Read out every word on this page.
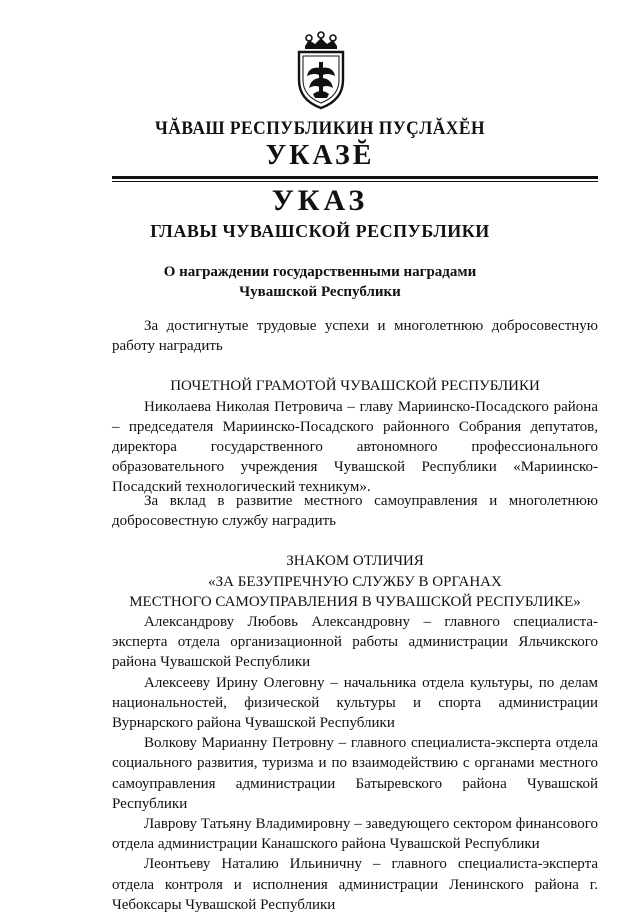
ЧĂВАШ РЕСПУБЛИКИН ПУÇЛĂХĔН
УКАЗĔ
УКАЗ
ГЛАВЫ ЧУВАШСКОЙ РЕСПУБЛИКИ
О награждении государственными наградами
Чувашской Республики

За достигнутые трудовые успехи и многолетнюю добросовестную работу наградить

ПОЧЕТНОЙ ГРАМОТОЙ ЧУВАШСКОЙ РЕСПУБЛИКИ

Николаева Николая Петровича – главу Мариинско-Посадского района – председателя Мариинско-Посадского районного Собрания депутатов, директора государственного автономного профессионального образовательного учреждения Чувашской Республики «Мариинско-Посадский технологический техникум».

За вклад в развитие местного самоуправления и многолетнюю добросовестную службу наградить

ЗНАКОМ ОТЛИЧИЯ

«ЗА БЕЗУПРЕЧНУЮ СЛУЖБУ В ОРГАНАХ

МЕСТНОГО САМОУПРАВЛЕНИЯ В ЧУВАШСКОЙ РЕСПУБЛИКЕ»

Александрову Любовь Александровну – главного специалиста-эксперта отдела организационной работы администрации Яльчикского района Чувашской Республики

Алексееву Ирину Олеговну – начальника отдела культуры, по делам национальностей, физической культуры и спорта администрации Вурнарского района Чувашской Республики

Волкову Марианну Петровну – главного специалиста-эксперта отдела социального развития, туризма и по взаимодействию с органами местного самоуправления администрации Батыревского района Чувашской Республики

Лаврову Татьяну Владимировну – заведующего сектором финансового отдела администрации Канашского района Чувашской Республики

Леонтьеву Наталию Ильиничну – главного специалиста-эксперта отдела контроля и исполнения администрации Ленинского района г. Чебоксары Чувашской Республики
